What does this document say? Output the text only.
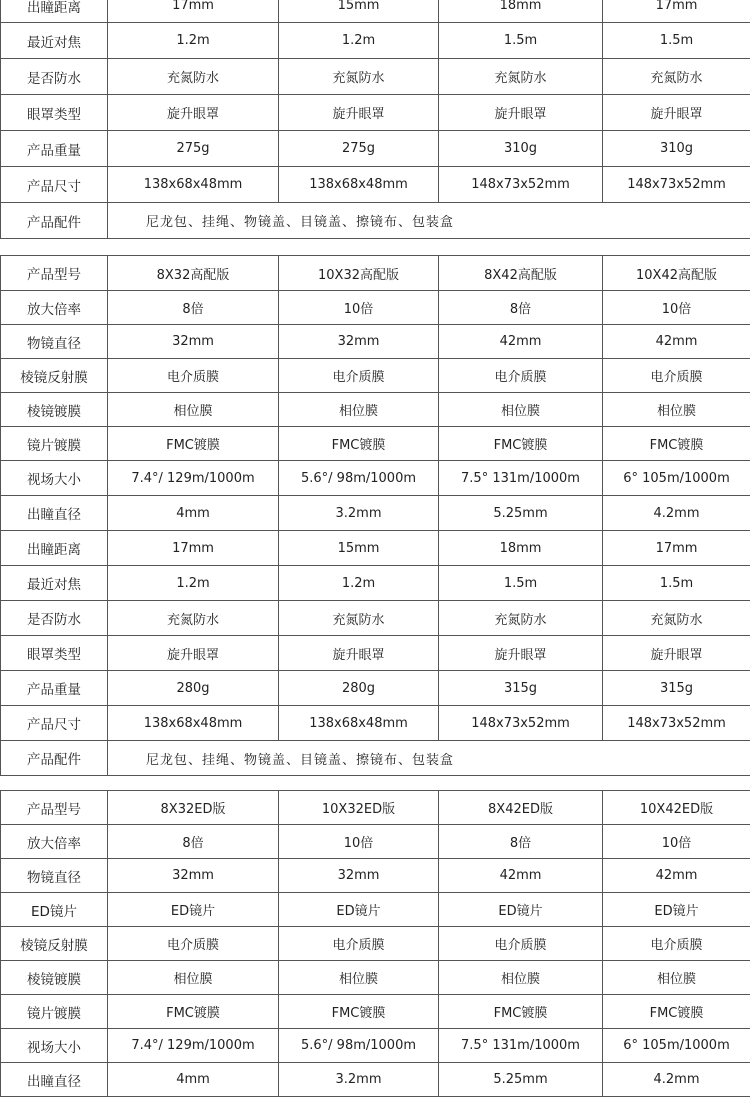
出瞳距离	17mm	15mm	18mm	17mm
最近对焦	1.2m	1.2m	1.5m	1.5m
是否防水	充氮防水	充氮防水	充氮防水	充氮防水
眼罩类型	旋升眼罩	旋升眼罩	旋升眼罩	旋升眼罩
产品重量	275g	275g	310g	310g
产品尺寸	138x68x48mm	138x68x48mm	148x73x52mm	148x73x52mm
产品配件	尼龙包、挂绳、物镜盖、目镜盖、擦镜布、包装盒			
产品型号	8X32高配版	10X32高配版	8X42高配版	10X42高配版
放大倍率	8倍	10倍	8倍	10倍
物镜直径	32mm	32mm	42mm	42mm
棱镜反射膜	电介质膜	电介质膜	电介质膜	电介质膜
棱镜镀膜	相位膜	相位膜	相位膜	相位膜
镜片镀膜	FMC镀膜	FMC镀膜	FMC镀膜	FMC镀膜
视场大小	7.4°/ 129m/1000m	5.6°/ 98m/1000m	7.5° 131m/1000m	6° 105m/1000m
出瞳直径	4mm	3.2mm	5.25mm	4.2mm
出瞳距离	17mm	15mm	18mm	17mm
最近对焦	1.2m	1.2m	1.5m	1.5m
是否防水	充氮防水	充氮防水	充氮防水	充氮防水
眼罩类型	旋升眼罩	旋升眼罩	旋升眼罩	旋升眼罩
产品重量	280g	280g	315g	315g
产品尺寸	138x68x48mm	138x68x48mm	148x73x52mm	148x73x52mm
产品配件	尼龙包、挂绳、物镜盖、目镜盖、擦镜布、包装盒			
产品型号	8X32ED版	10X32ED版	8X42ED版	10X42ED版
放大倍率	8倍	10倍	8倍	10倍
物镜直径	32mm	32mm	42mm	42mm
ED镜片	ED镜片	ED镜片	ED镜片	ED镜片
棱镜反射膜	电介质膜	电介质膜	电介质膜	电介质膜
棱镜镀膜	相位膜	相位膜	相位膜	相位膜
镜片镀膜	FMC镀膜	FMC镀膜	FMC镀膜	FMC镀膜
视场大小	7.4°/ 129m/1000m	5.6°/ 98m/1000m	7.5° 131m/1000m	6° 105m/1000m
出瞳直径	4mm	3.2mm	5.25mm	4.2mm
